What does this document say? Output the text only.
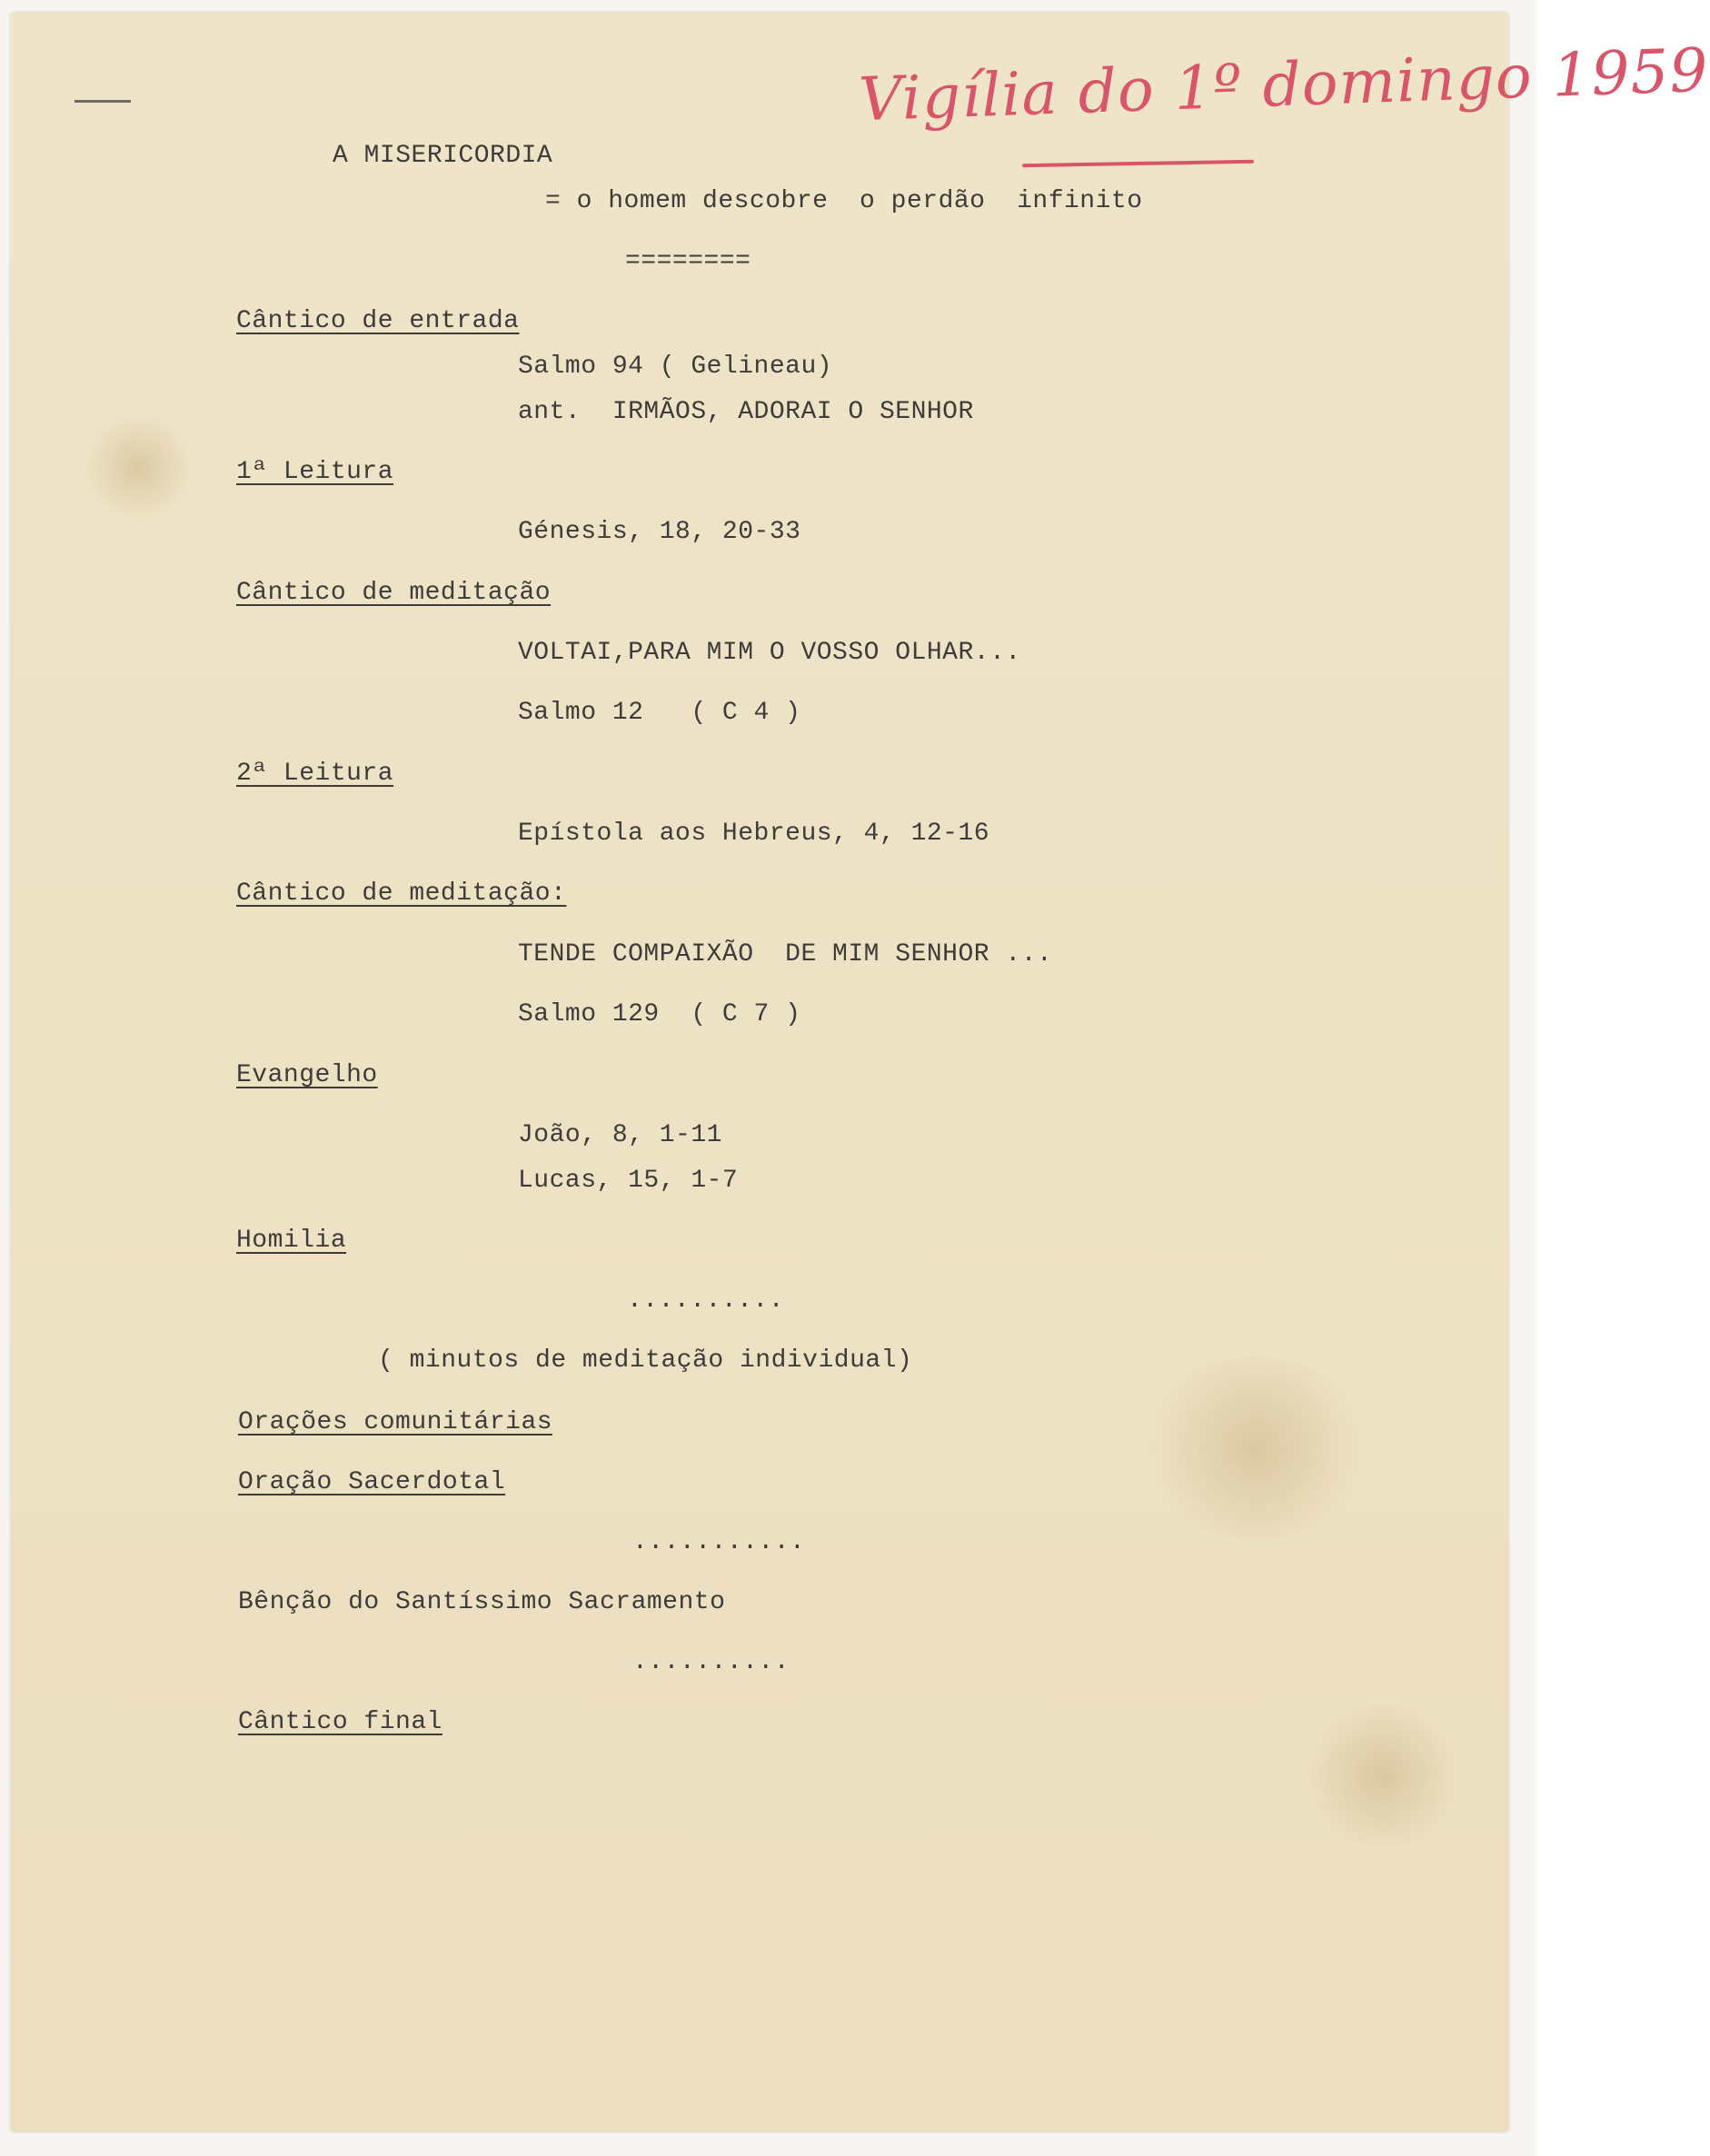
Vigília do 1º domingo 1959
A MISERICORDIA
= o homem descobre  o perdão  infinito
========
Cântico de entrada
Salmo 94 ( Gelineau)
ant.  IRMÃOS, ADORAI O SENHOR
1ª Leitura
Génesis, 18, 20-33
Cântico de meditação
VOLTAI,PARA MIM O VOSSO OLHAR...
Salmo 12   ( C 4 )
2ª Leitura
Epístola aos Hebreus, 4, 12-16
Cântico de meditação:
TENDE COMPAIXÃO  DE MIM SENHOR ...
Salmo 129  ( C 7 )
Evangelho
João, 8, 1-11
Lucas, 15, 1-7
Homilia
..........
( minutos de meditação individual)
Orações comunitárias
Oração Sacerdotal
...........
Bênção do Santíssimo Sacramento
..........
Cântico final
